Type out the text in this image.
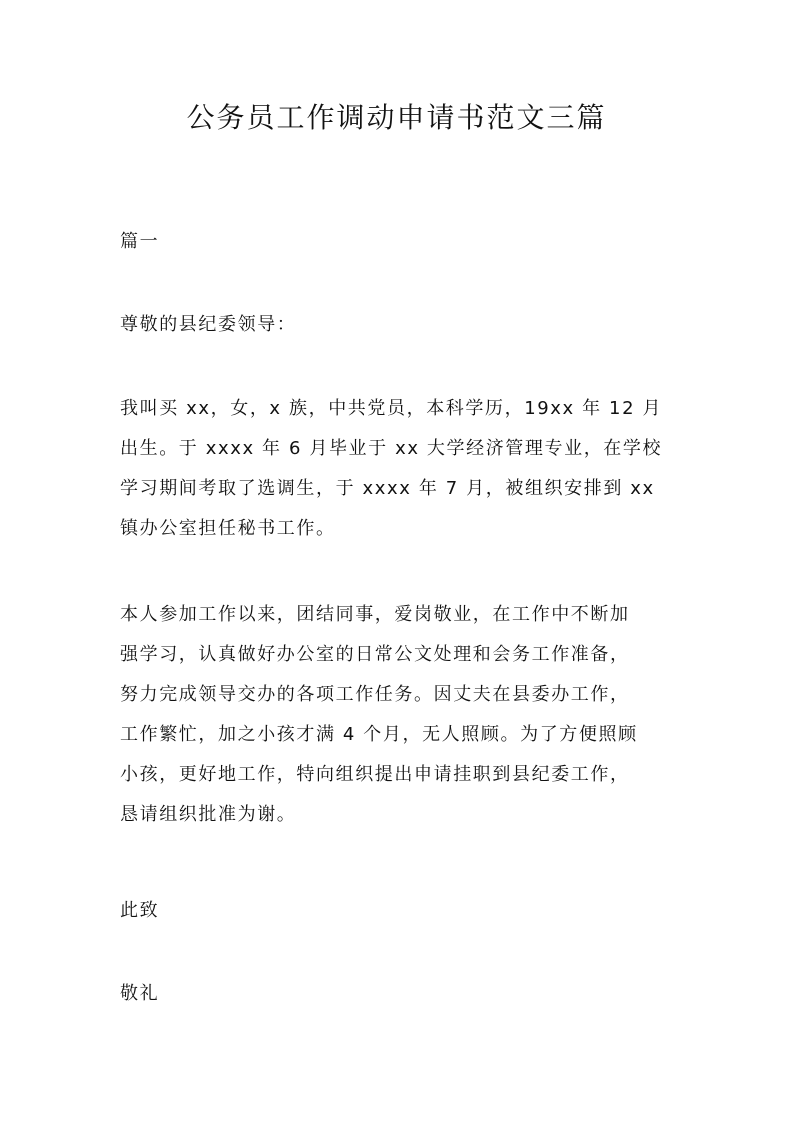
公务员工作调动申请书范文三篇
篇一
尊敬的县纪委领导：
我叫买 xx，女，x 族，中共党员，本科学历，19xx 年 12 月
出生。于 xxxx 年 6 月毕业于 xx 大学经济管理专业，在学校
学习期间考取了选调生，于 xxxx 年 7 月，被组织安排到 xx
镇办公室担任秘书工作。
本人参加工作以来，团结同事，爱岗敬业，在工作中不断加
强学习，认真做好办公室的日常公文处理和会务工作准备，
努力完成领导交办的各项工作任务。因丈夫在县委办工作，
工作繁忙，加之小孩才满 4 个月，无人照顾。为了方便照顾
小孩，更好地工作，特向组织提出申请挂职到县纪委工作，
恳请组织批准为谢。
此致
敬礼
